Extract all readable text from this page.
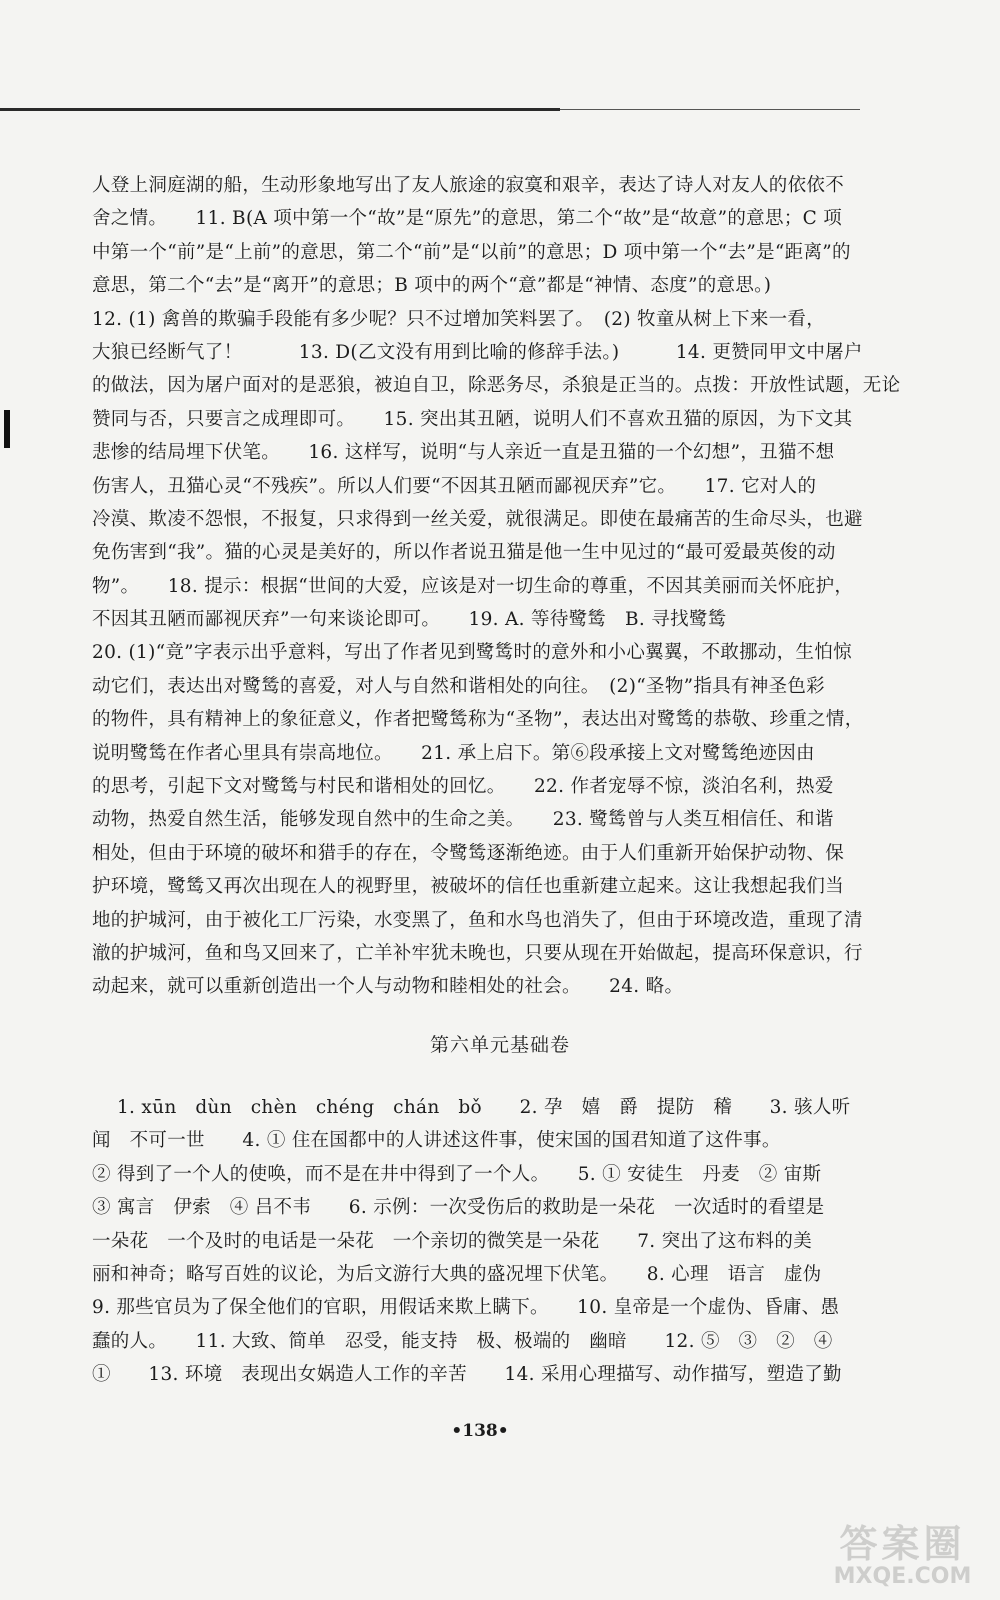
人登上洞庭湖的船，生动形象地写出了友人旅途的寂寞和艰辛，表达了诗人对友人的依依不
舍之情。　　11. B(A 项中第一个“故”是“原先”的意思，第二个“故”是“故意”的意思；C 项
中第一个“前”是“上前”的意思，第二个“前”是“以前”的意思；D 项中第一个“去”是“距离”的
意思，第二个“去”是“离开”的意思；B 项中的两个“意”都是“神情、态度”的意思。)
12. (1) 禽兽的欺骗手段能有多少呢？只不过增加笑料罢了。　(2) 牧童从树上下来一看，
大狼已经断气了！　　　13. D(乙文没有用到比喻的修辞手法。)　　　14. 更赞同甲文中屠户
的做法，因为屠户面对的是恶狼，被迫自卫，除恶务尽，杀狼是正当的。点拨：开放性试题，无论
赞同与否，只要言之成理即可。　　15. 突出其丑陋，说明人们不喜欢丑猫的原因，为下文其
悲惨的结局埋下伏笔。　　16. 这样写，说明“与人亲近一直是丑猫的一个幻想”，丑猫不想
伤害人，丑猫心灵“不残疾”。所以人们要“不因其丑陋而鄙视厌弃”它。　　17. 它对人的
冷漠、欺凌不怨恨，不报复，只求得到一丝关爱，就很满足。即使在最痛苦的生命尽头，也避
免伤害到“我”。猫的心灵是美好的，所以作者说丑猫是他一生中见过的“最可爱最英俊的动
物”。　　18. 提示：根据“世间的大爱，应该是对一切生命的尊重，不因其美丽而关怀庇护，
不因其丑陋而鄙视厌弃”一句来谈论即可。　　19. A. 等待鹭鸶　B. 寻找鹭鸶
20. (1)“竟”字表示出乎意料，写出了作者见到鹭鸶时的意外和小心翼翼，不敢挪动，生怕惊
动它们，表达出对鹭鸶的喜爱，对人与自然和谐相处的向往。　(2)“圣物”指具有神圣色彩
的物件，具有精神上的象征意义，作者把鹭鸶称为“圣物”，表达出对鹭鸶的恭敬、珍重之情，
说明鹭鸶在作者心里具有崇高地位。　　21. 承上启下。第⑥段承接上文对鹭鸶绝迹因由
的思考，引起下文对鹭鸶与村民和谐相处的回忆。　　22. 作者宠辱不惊，淡泊名利，热爱
动物，热爱自然生活，能够发现自然中的生命之美。　　23. 鹭鸶曾与人类互相信任、和谐
相处，但由于环境的破坏和猎手的存在，令鹭鸶逐渐绝迹。由于人们重新开始保护动物、保
护环境，鹭鸶又再次出现在人的视野里，被破坏的信任也重新建立起来。这让我想起我们当
地的护城河，由于被化工厂污染，水变黑了，鱼和水鸟也消失了，但由于环境改造，重现了清
澈的护城河，鱼和鸟又回来了，亡羊补牢犹未晚也，只要从现在开始做起，提高环保意识，行
动起来，就可以重新创造出一个人与动物和睦相处的社会。　　24. 略。
第六单元基础卷
　 1. xūn　dùn　chèn　chéng　chán　bǒ　　2. 孕　嬉　爵　提防　稽　　3. 骇人听
闻　不可一世　　4. ① 住在国都中的人讲述这件事，使宋国的国君知道了这件事。
② 得到了一个人的使唤，而不是在井中得到了一个人。　　5. ① 安徒生　丹麦　② 宙斯
③ 寓言　伊索　④ 吕不韦　　6. 示例：一次受伤后的救助是一朵花　一次适时的看望是
一朵花　一个及时的电话是一朵花　一个亲切的微笑是一朵花　　7. 突出了这布料的美
丽和神奇；略写百姓的议论，为后文游行大典的盛况埋下伏笔。　　8. 心理　语言　虚伪
9. 那些官员为了保全他们的官职，用假话来欺上瞒下。　　10. 皇帝是一个虚伪、昏庸、愚
蠢的人。　　11. 大致、简单　忍受，能支持　极、极端的　幽暗　　12. ⑤　③　②　④
①　　13. 环境　表现出女娲造人工作的辛苦　　14. 采用心理描写、动作描写，塑造了勤
•138•
答案圈
MXQE.COM
